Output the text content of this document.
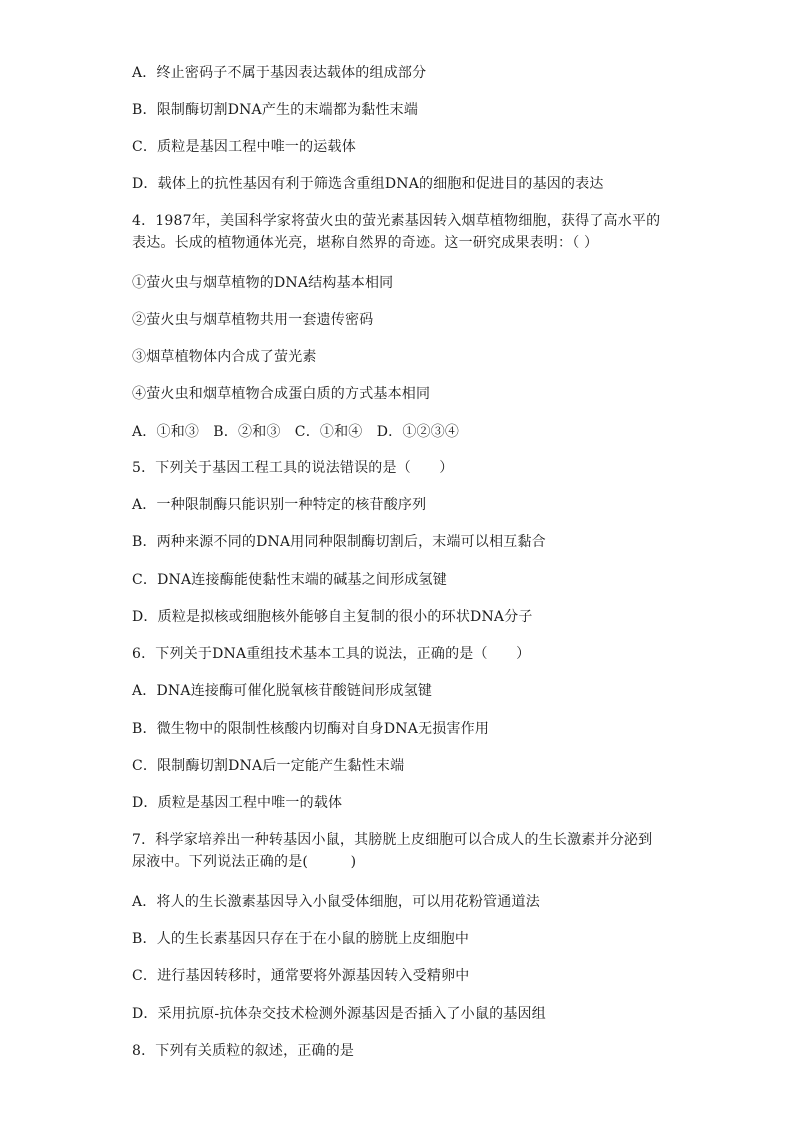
A．终止密码子不属于基因表达载体的组成部分
B．限制酶切割DNA产生的末端都为黏性末端
C．质粒是基因工程中唯一的运载体
D．载体上的抗性基因有利于筛选含重组DNA的细胞和促进目的基因的表达
4．1987年，美国科学家将萤火虫的萤光素基因转入烟草植物细胞，获得了高水平的表达。长成的植物通体光亮，堪称自然界的奇迹。这一研究成果表明：（ ）
①萤火虫与烟草植物的DNA结构基本相同
②萤火虫与烟草植物共用一套遗传密码
③烟草植物体内合成了萤光素
④萤火虫和烟草植物合成蛋白质的方式基本相同
A．①和③　B．②和③　C．①和④　D．①②③④
5．下列关于基因工程工具的说法错误的是（　　）
A．一种限制酶只能识别一种特定的核苷酸序列
B．两种来源不同的DNA用同种限制酶切割后，末端可以相互黏合
C．DNA连接酶能使黏性末端的碱基之间形成氢键
D．质粒是拟核或细胞核外能够自主复制的很小的环状DNA分子
6．下列关于DNA重组技术基本工具的说法，正确的是（　　）
A．DNA连接酶可催化脱氧核苷酸链间形成氢键
B．微生物中的限制性核酸内切酶对自身DNA无损害作用
C．限制酶切割DNA后一定能产生黏性末端
D．质粒是基因工程中唯一的载体
7．科学家培养出一种转基因小鼠，其膀胱上皮细胞可以合成人的生长激素并分泌到尿液中。下列说法正确的是(　　　)
A．将人的生长激素基因导入小鼠受体细胞，可以用花粉管通道法
B．人的生长素基因只存在于在小鼠的膀胱上皮细胞中
C．进行基因转移时，通常要将外源基因转入受精卵中
D．采用抗原-抗体杂交技术检测外源基因是否插入了小鼠的基因组
8．下列有关质粒的叙述，正确的是
